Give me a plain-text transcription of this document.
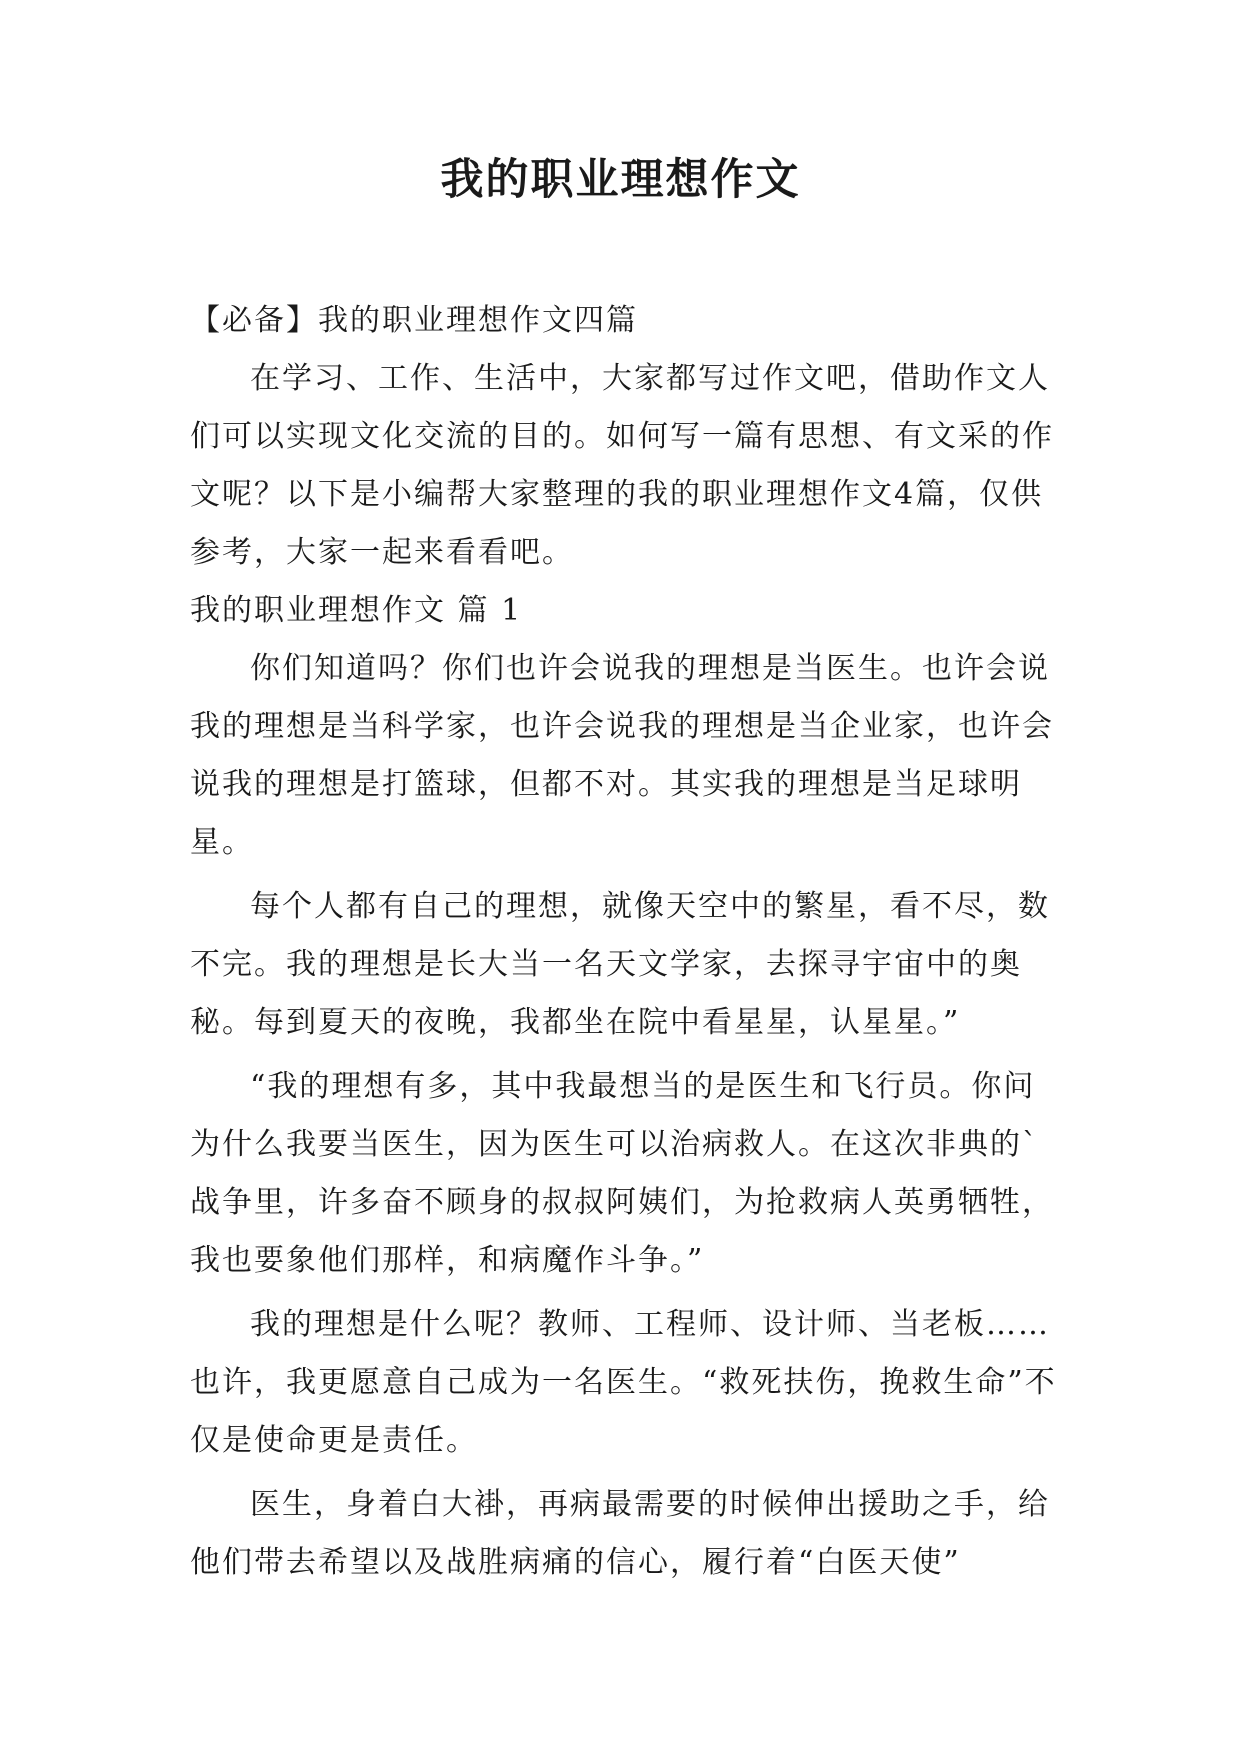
我的职业理想作文

【必备】我的职业理想作文四篇

在学习、工作、生活中，大家都写过作文吧，借助作文人们可以实现文化交流的目的。如何写一篇有思想、有文采的作文呢？以下是小编帮大家整理的我的职业理想作文4篇，仅供参考，大家一起来看看吧。

我的职业理想作文 篇 1

你们知道吗？你们也许会说我的理想是当医生。也许会说我的理想是当科学家，也许会说我的理想是当企业家，也许会说我的理想是打篮球，但都不对。其实我的理想是当足球明星。

每个人都有自己的理想，就像天空中的繁星，看不尽，数不完。我的理想是长大当一名天文学家，去探寻宇宙中的奥秘。每到夏天的夜晚，我都坐在院中看星星，认星星。”

“我的理想有多，其中我最想当的是医生和飞行员。你问为什么我要当医生，因为医生可以治病救人。在这次非典的`战争里，许多奋不顾身的叔叔阿姨们，为抢救病人英勇牺牲，我也要象他们那样，和病魔作斗争。”

我的理想是什么呢？教师、工程师、设计师、当老板……也许，我更愿意自己成为一名医生。“救死扶伤，挽救生命”不仅是使命更是责任。

医生，身着白大褂，再病最需要的时候伸出援助之手，给他们带去希望以及战胜病痛的信心，履行着“白医天使”
